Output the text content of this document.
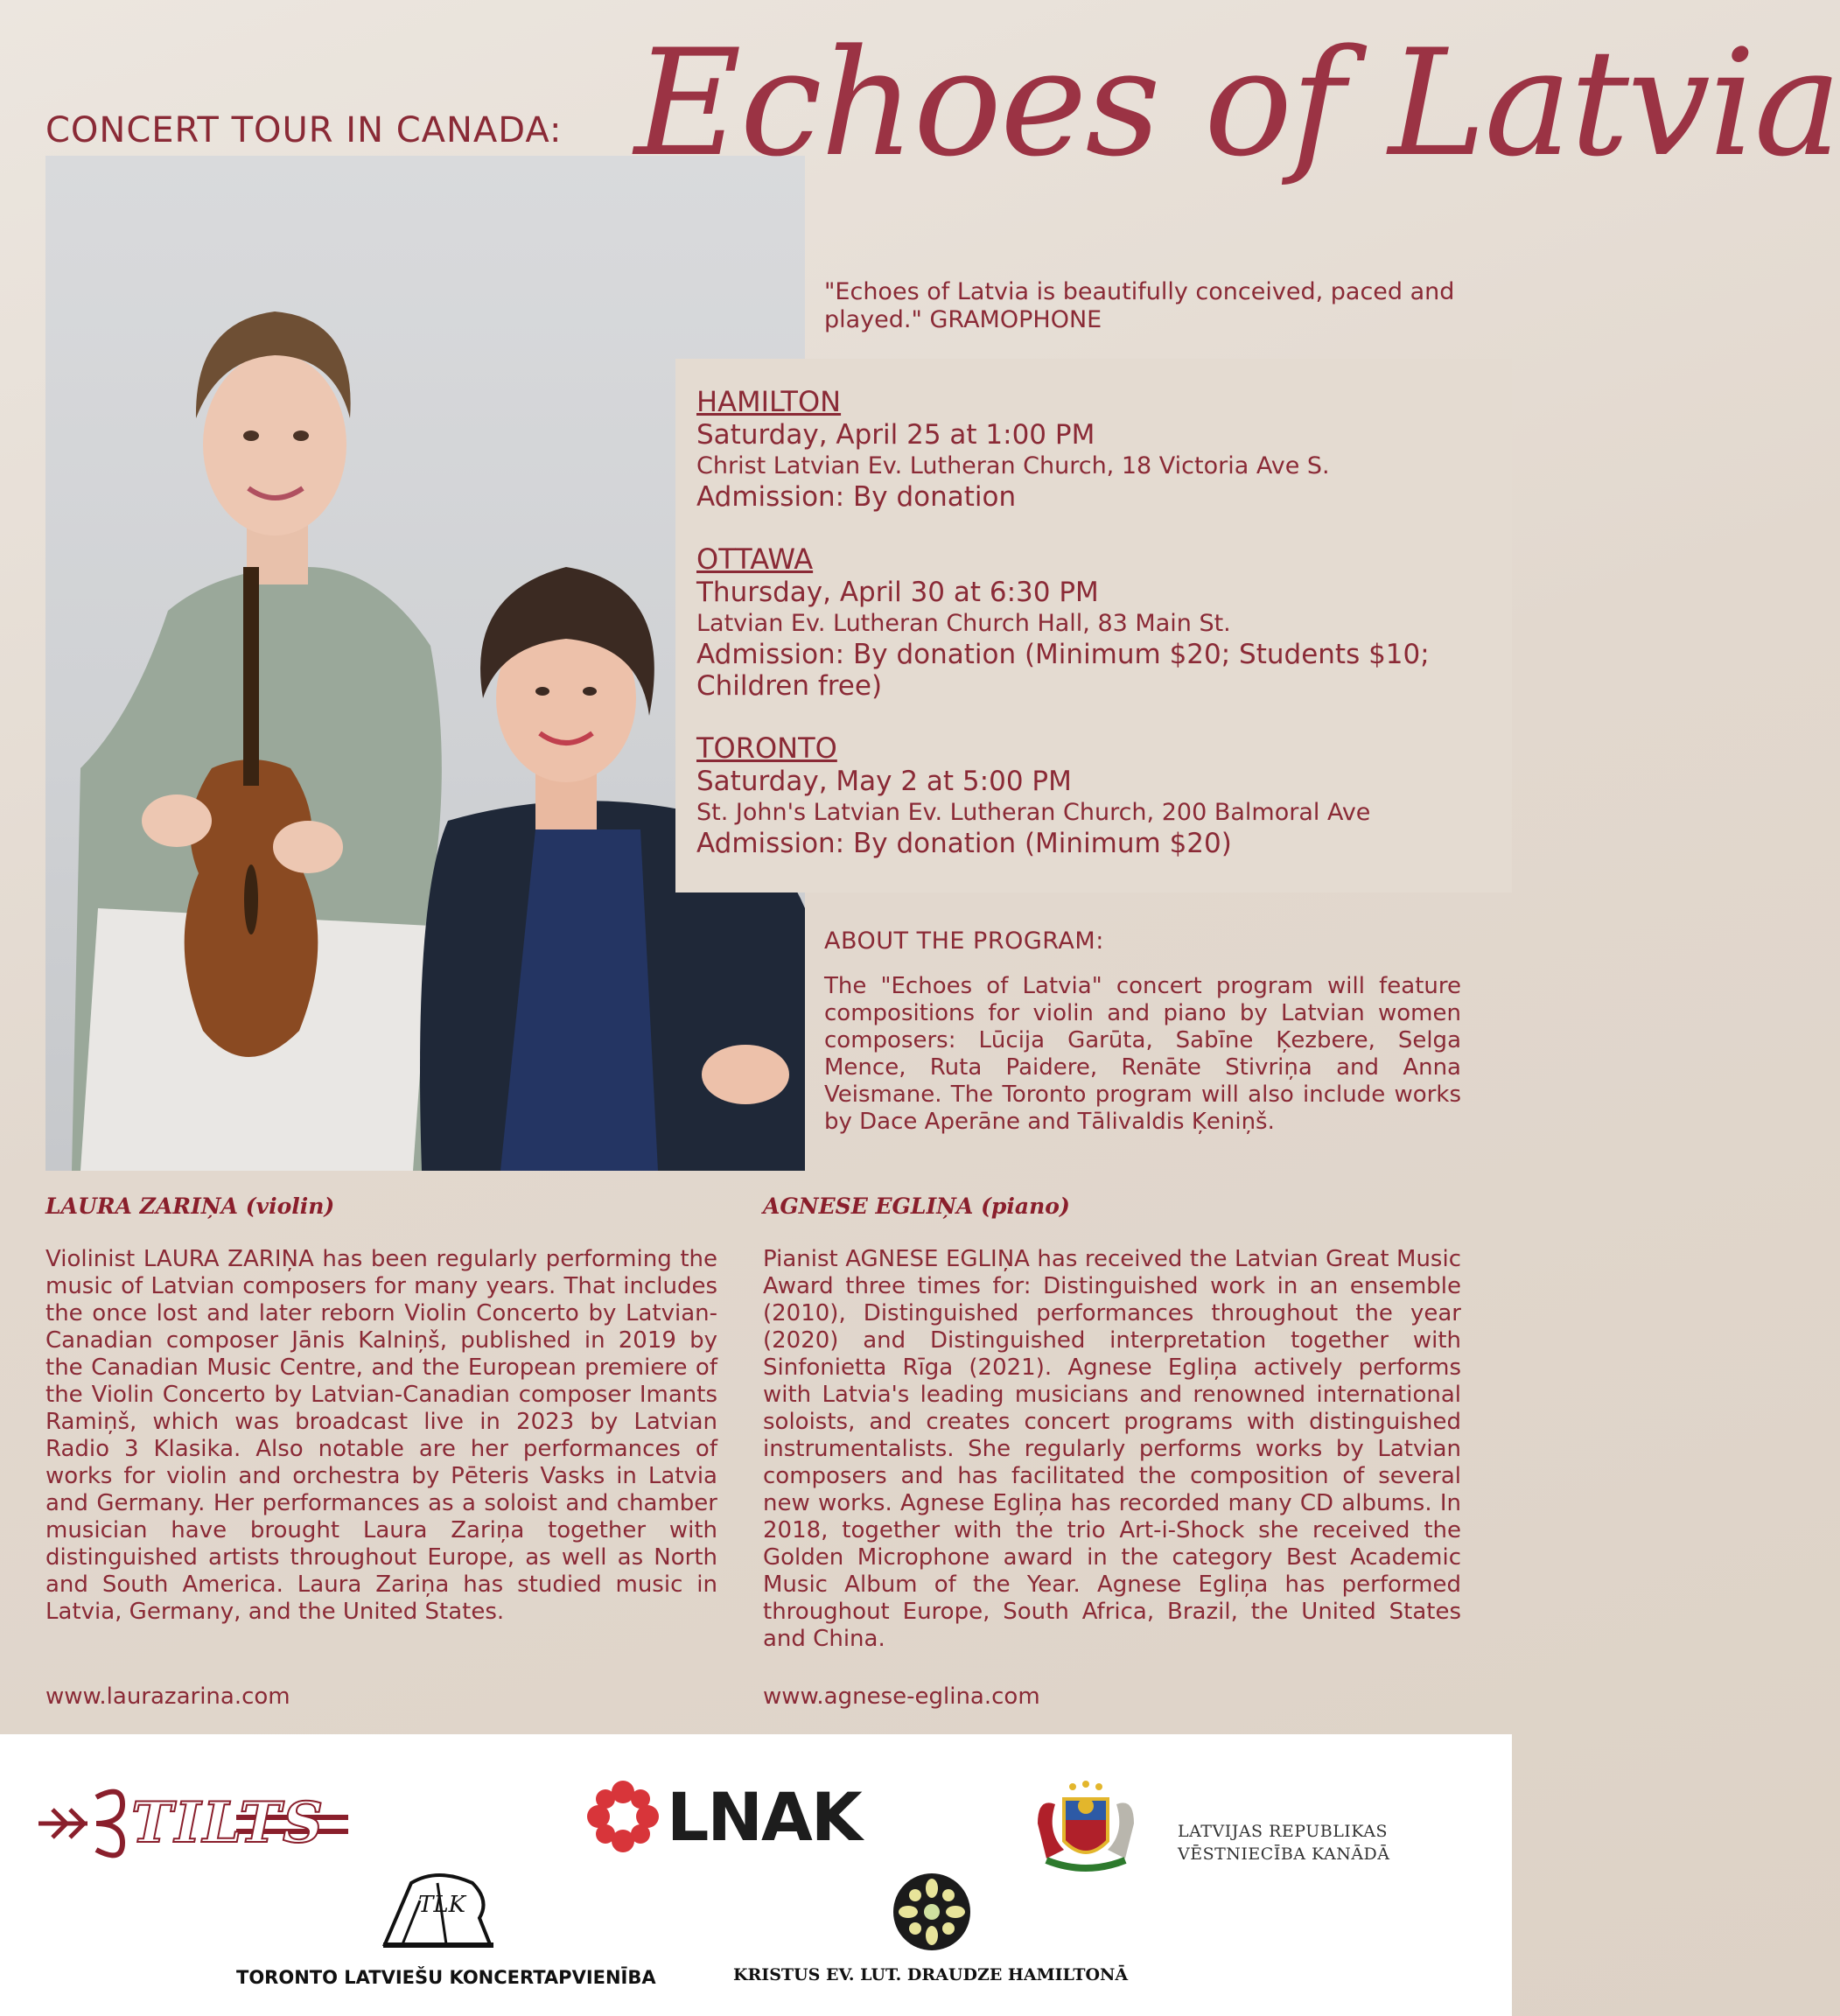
CONCERT TOUR IN CANADA: Echoes of Latvia
"Echoes of Latvia is beautifully conceived, paced and played." GRAMOPHONE
HAMILTON
Saturday, April 25 at 1:00 PM
Christ Latvian Ev. Lutheran Church, 18 Victoria Ave S.
Admission: By donation
OTTAWA
Thursday, April 30 at 6:30 PM
Latvian Ev. Lutheran Church Hall, 83 Main St.
Admission: By donation (Minimum $20; Students $10; Children free)
TORONTO
Saturday, May 2 at 5:00 PM
St. John's Latvian Ev. Lutheran Church, 200 Balmoral Ave
Admission: By donation (Minimum $20)
ABOUT THE PROGRAM:
The "Echoes of Latvia" concert program will feature compositions for violin and piano by Latvian women composers: Lūcija Garūta, Sabīne Ķezbere, Selga Mence, Ruta Paidere, Renāte Stivriņa and Anna Veismane. The Toronto program will also include works by Dace Aperāne and Tālivaldis Ķeniņš.
LAURA ZARIŅA (violin)
Violinist LAURA ZARIŅA has been regularly performing the music of Latvian composers for many years. That includes the once lost and later reborn Violin Concerto by Latvian-Canadian composer Jānis Kalniņš, published in 2019 by the Canadian Music Centre, and the European premiere of the Violin Concerto by Latvian-Canadian composer Imants Ramiņš, which was broadcast live in 2023 by Latvian Radio 3 Klasika. Also notable are her performances of works for violin and orchestra by Pēteris Vasks in Latvia and Germany. Her performances as a soloist and chamber musician have brought Laura Zariņa together with distinguished artists throughout Europe, as well as North and South America. Laura Zariņa has studied music in Latvia, Germany, and the United States.
www.laurazarina.com
AGNESE EGLIŅA (piano)
Pianist AGNESE EGLIŅA has received the Latvian Great Music Award three times for: Distinguished work in an ensemble (2010), Distinguished performances throughout the year (2020) and Distinguished interpretation together with Sinfonietta Rīga (2021). Agnese Egliņa actively performs with Latvia's leading musicians and renowned international soloists, and creates concert programs with distinguished instrumentalists. She regularly performs works by Latvian composers and has facilitated the composition of several new works. Agnese Egliņa has recorded many CD albums. In 2018, together with the trio Art-i-Shock she received the Golden Microphone award in the category Best Academic Music Album of the Year. Agnese Egliņa has performed throughout Europe, South Africa, Brazil, the United States and China.
www.agnese-eglina.com
TILTS	LNAK	LATVIJAS REPUBLIKAS VĒSTNIECĪBA KANĀDĀ
TLK
TORONTO LATVIEŠU KONCERTAPVIENĪBA	KRISTUS EV. LUT. DRAUDZE HAMILTONĀ
